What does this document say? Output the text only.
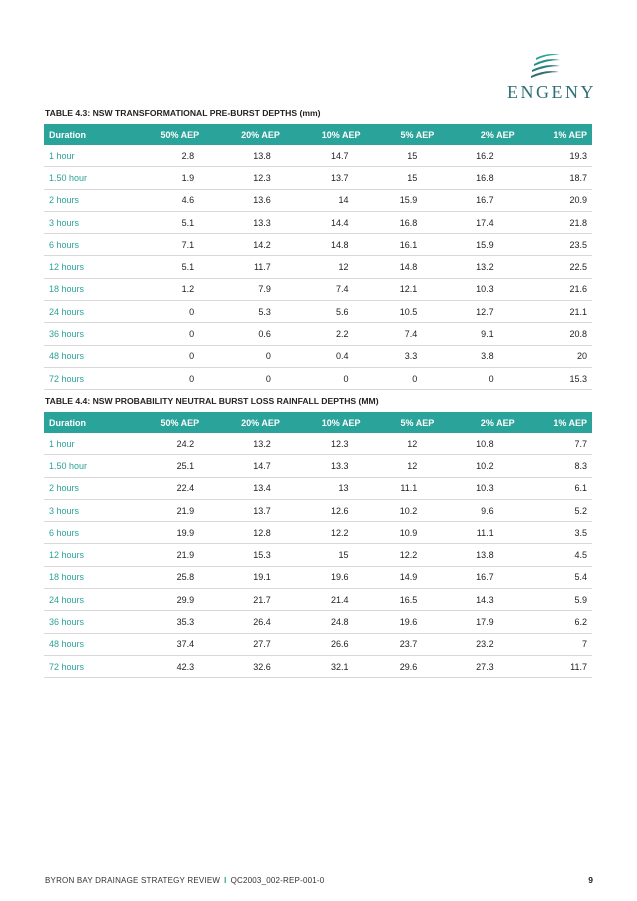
ENGENY
TABLE 4.3: NSW TRANSFORMATIONAL PRE-BURST DEPTHS (mm)
Duration	50% AEP	20% AEP	10% AEP	5% AEP	2% AEP	1% AEP
1 hour	2.8	13.8	14.7	15	16.2	19.3
1.50 hour	1.9	12.3	13.7	15	16.8	18.7
2 hours	4.6	13.6	14	15.9	16.7	20.9
3 hours	5.1	13.3	14.4	16.8	17.4	21.8
6 hours	7.1	14.2	14.8	16.1	15.9	23.5
12 hours	5.1	11.7	12	14.8	13.2	22.5
18 hours	1.2	7.9	7.4	12.1	10.3	21.6
24 hours	0	5.3	5.6	10.5	12.7	21.1
36 hours	0	0.6	2.2	7.4	9.1	20.8
48 hours	0	0	0.4	3.3	3.8	20
72 hours	0	0	0	0	0	15.3
TABLE 4.4: NSW PROBABILITY NEUTRAL BURST LOSS RAINFALL DEPTHS (MM)
Duration	50% AEP	20% AEP	10% AEP	5% AEP	2% AEP	1% AEP
1 hour	24.2	13.2	12.3	12	10.8	7.7
1.50 hour	25.1	14.7	13.3	12	10.2	8.3
2 hours	22.4	13.4	13	11.1	10.3	6.1
3 hours	21.9	13.7	12.6	10.2	9.6	5.2
6 hours	19.9	12.8	12.2	10.9	11.1	3.5
12 hours	21.9	15.3	15	12.2	13.8	4.5
18 hours	25.8	19.1	19.6	14.9	16.7	5.4
24 hours	29.9	21.7	21.4	16.5	14.3	5.9
36 hours	35.3	26.4	24.8	19.6	17.9	6.2
48 hours	37.4	27.7	26.6	23.7	23.2	7
72 hours	42.3	32.6	32.1	29.6	27.3	11.7
BYRON BAY DRAINAGE STRATEGY REVIEW I QC2003_002-REP-001-0	9
